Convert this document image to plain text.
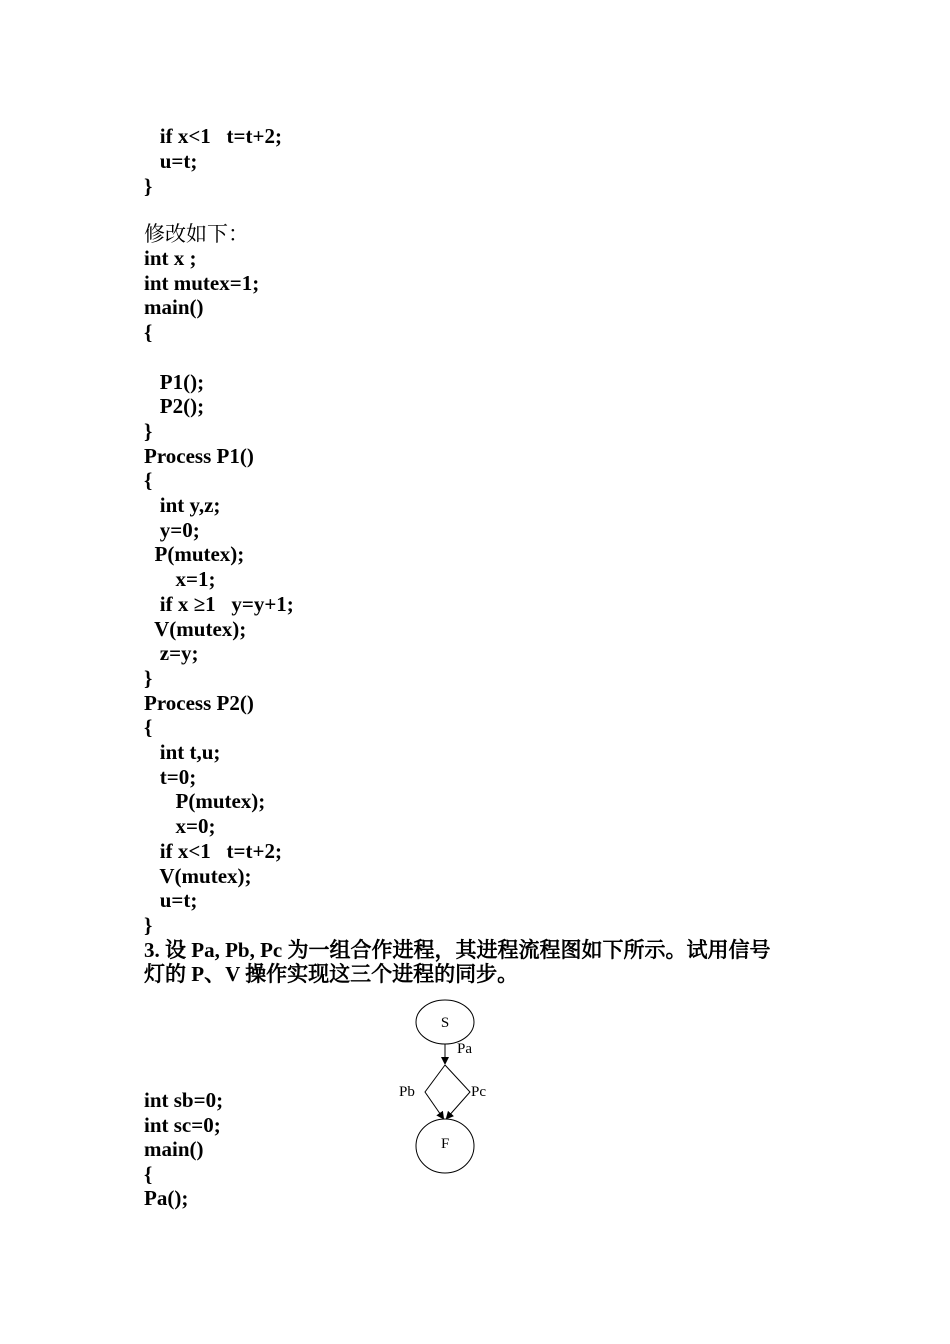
if x<1   t=t+2;
u=t;
}
修改如下：
int x ;
int mutex=1;
main()
{
P1();
P2();
}
Process P1()
{
int y,z;
y=0;
P(mutex);
x=1;
if x ≥1   y=y+1;
V(mutex);
z=y;
}
Process P2()
{
int t,u;
t=0;
P(mutex);
x=0;
if x<1   t=t+2;
V(mutex);
u=t;
}
3. 设 Pa, Pb, Pc 为一组合作进程，其进程流程图如下所示。试用信号
灯的 P、V 操作实现这三个进程的同步。
int sb=0;
int sc=0;
main()
{
Pa();
S
Pa
Pb	Pc
F
